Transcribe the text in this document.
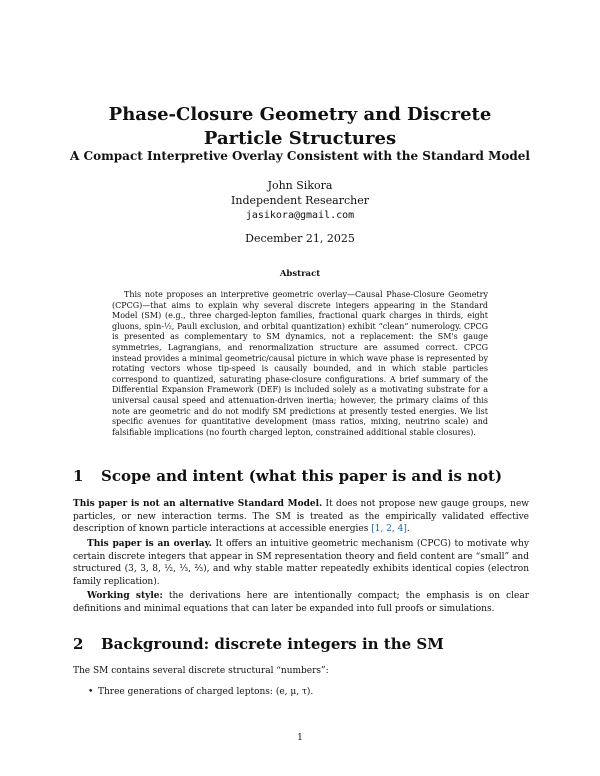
Phase-Closure Geometry and Discrete Particle Structures
A Compact Interpretive Overlay Consistent with the Standard Model
John Sikora
Independent Researcher
jasikora@gmail.com
December 21, 2025
Abstract

This note proposes an interpretive geometric overlay—Causal Phase-Closure Geometry (CPCG)—that aims to explain why several discrete integers appearing in the Standard Model (SM) (e.g., three charged-lepton families, fractional quark charges in thirds, eight gluons, spin-½, Pauli exclusion, and orbital quantization) exhibit “clean” numerology. CPCG is presented as complementary to SM dynamics, not a replacement: the SM's gauge symmetries, Lagrangians, and renormalization structure are assumed correct. CPCG instead provides a minimal geometric/causal picture in which wave phase is represented by rotating vectors whose tip-speed is causally bounded, and in which stable particles correspond to quantized, saturating phase-closure configurations. A brief summary of the Differential Expansion Framework (DEF) is included solely as a motivating substrate for a universal causal speed and attenuation-driven inertia; however, the primary claims of this note are geometric and do not modify SM predictions at presently tested energies. We list specific avenues for quantitative development (mass ratios, mixing, neutrino scale) and falsifiable implications (no fourth charged lepton, constrained additional stable closures).

1 Scope and intent (what this paper is and is not)

This paper is not an alternative Standard Model. It does not propose new gauge groups, new particles, or new interaction terms. The SM is treated as the empirically validated effective description of known particle interactions at accessible energies [1, 2, 4].

This paper is an overlay. It offers an intuitive geometric mechanism (CPCG) to motivate why certain discrete integers that appear in SM representation theory and field content are “small” and structured (3, 3, 8, ½, ⅓, ⅔), and why stable matter repeatedly exhibits identical copies (electron family replication).

Working style: the derivations here are intentionally compact; the emphasis is on clear definitions and minimal equations that can later be expanded into full proofs or simulations.

2 Background: discrete integers in the SM

The SM contains several discrete structural “numbers”:

• Three generations of charged leptons: (e, μ, τ).
1
